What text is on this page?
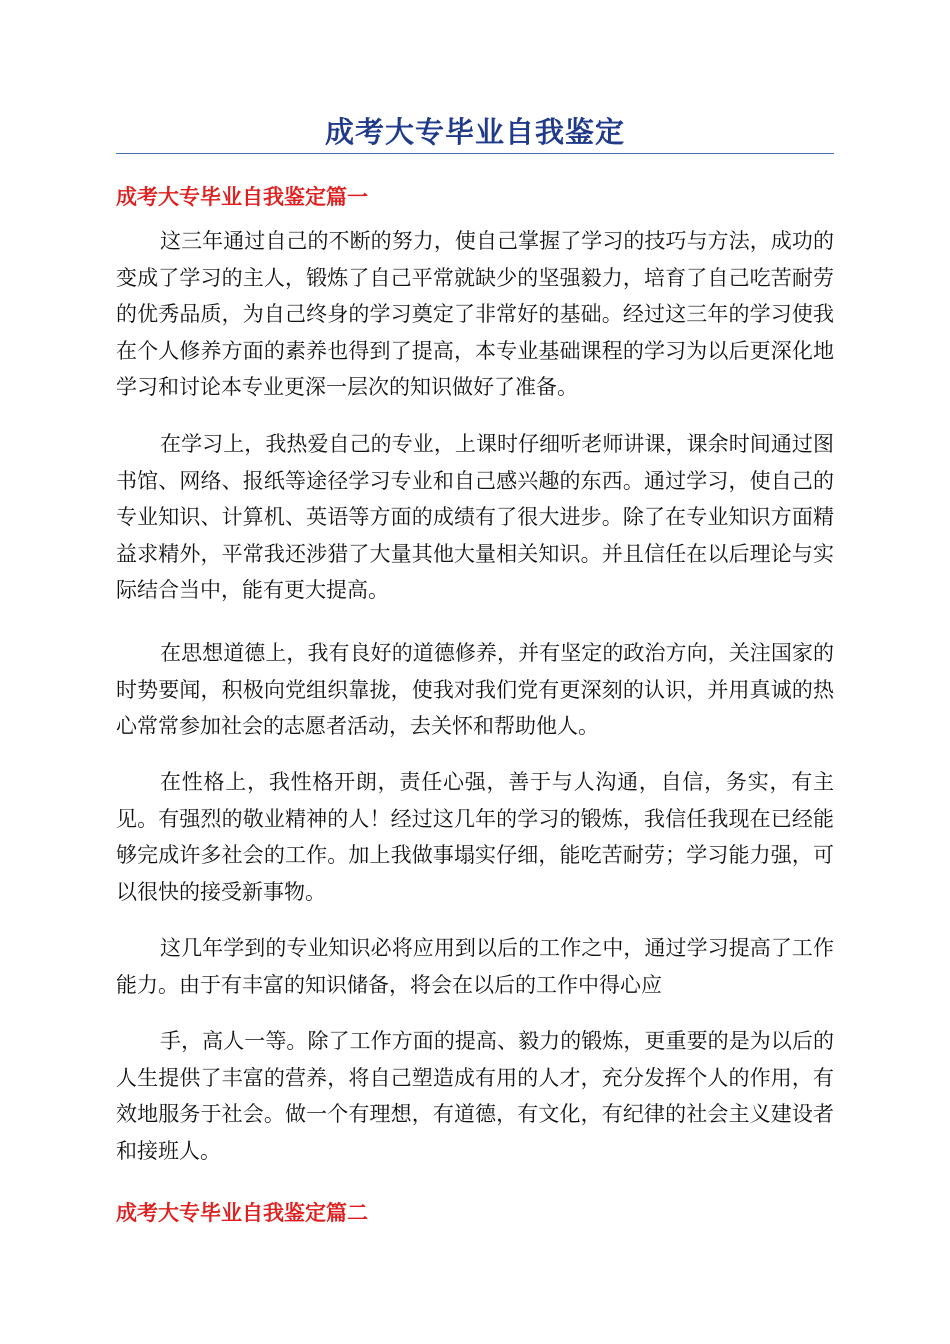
成考大专毕业自我鉴定
成考大专毕业自我鉴定篇一

这三年通过自己的不断的努力，使自己掌握了学习的技巧与方法，成功的变成了学习的主人，锻炼了自己平常就缺少的坚强毅力，培育了自己吃苦耐劳的优秀品质，为自己终身的学习奠定了非常好的基础。经过这三年的学习使我在个人修养方面的素养也得到了提高，本专业基础课程的学习为以后更深化地学习和讨论本专业更深一层次的知识做好了准备。

在学习上，我热爱自己的专业，上课时仔细听老师讲课，课余时间通过图书馆、网络、报纸等途径学习专业和自己感兴趣的东西。通过学习，使自己的专业知识、计算机、英语等方面的成绩有了很大进步。除了在专业知识方面精益求精外，平常我还涉猎了大量其他大量相关知识。并且信任在以后理论与实际结合当中，能有更大提高。

在思想道德上，我有良好的道德修养，并有坚定的政治方向，关注国家的时势要闻，积极向党组织靠拢，使我对我们党有更深刻的认识，并用真诚的热心常常参加社会的志愿者活动，去关怀和帮助他人。

在性格上，我性格开朗，责任心强，善于与人沟通，自信，务实，有主见。有强烈的敬业精神的人！经过这几年的学习的锻炼，我信任我现在已经能够完成许多社会的工作。加上我做事塌实仔细，能吃苦耐劳；学习能力强，可以很快的接受新事物。

这几年学到的专业知识必将应用到以后的工作之中，通过学习提高了工作能力。由于有丰富的知识储备，将会在以后的工作中得心应

手，高人一等。除了工作方面的提高、毅力的锻炼，更重要的是为以后的人生提供了丰富的营养，将自己塑造成有用的人才，充分发挥个人的作用，有效地服务于社会。做一个有理想，有道德，有文化，有纪律的社会主义建设者和接班人。

成考大专毕业自我鉴定篇二
